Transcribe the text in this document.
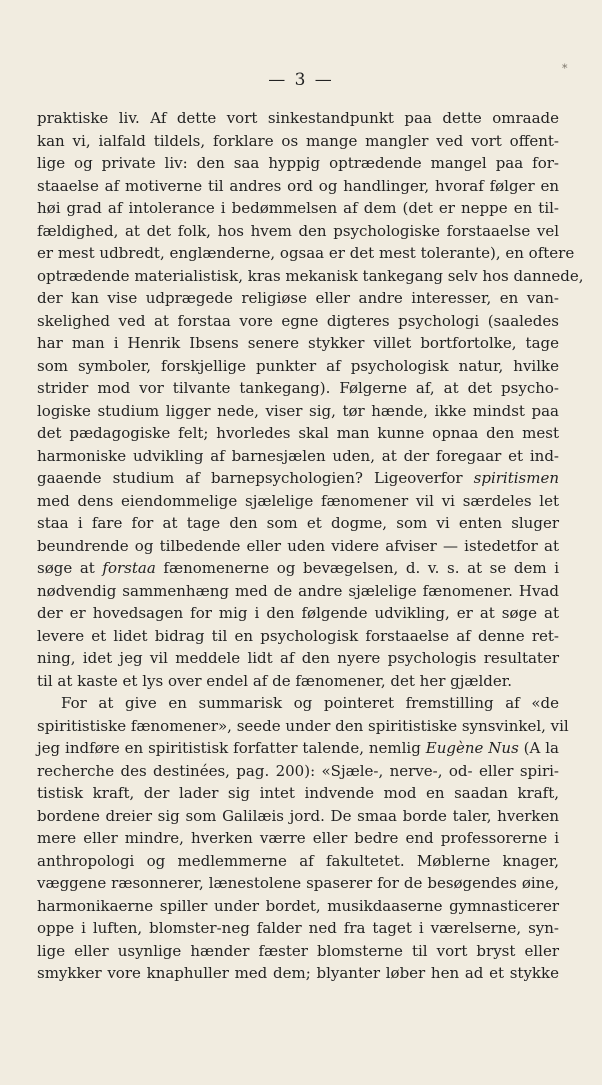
*
— 3 —
praktiske liv. Af dette vort sinkestandpunkt paa dette omraade
kan vi, ialfald tildels, forklare os mange mangler ved vort offent-
lige og private liv: den saa hyppig optrædende mangel paa for-
staaelse af motiverne til andres ord og handlinger, hvoraf følger en
høi grad af intolerance i bedømmelsen af dem (det er neppe en til-
fældighed, at det folk, hos hvem den psychologiske forstaaelse vel
er mest udbredt, englænderne, ogsaa er det mest tolerante), en oftere
optrædende materialistisk, kras mekanisk tankegang selv hos dannede,
der kan vise udprægede religiøse eller andre interesser, en van-
skelighed ved at forstaa vore egne digteres psychologi (saaledes
har man i Henrik Ibsens senere stykker villet bortfortolke, tage
som symboler, forskjellige punkter af psychologisk natur, hvilke
strider mod vor tilvante tankegang). Følgerne af, at det psycho-
logiske studium ligger nede, viser sig, tør hænde, ikke mindst paa
det pædagogiske felt; hvorledes skal man kunne opnaa den mest
harmoniske udvikling af barnesjælen uden, at der foregaar et ind-
gaaende studium af barnepsychologien? Ligeoverfor spiritismen
med dens eiendommelige sjælelige fænomener vil vi særdeles let
staa i fare for at tage den som et dogme, som vi enten sluger
beundrende og tilbedende eller uden videre afviser — istedetfor at
søge at forstaa fænomenerne og bevægelsen, d. v. s. at se dem i
nødvendig sammenhæng med de andre sjælelige fænomener. Hvad
der er hovedsagen for mig i den følgende udvikling, er at søge at
levere et lidet bidrag til en psychologisk forstaaelse af denne ret-
ning, idet jeg vil meddele lidt af den nyere psychologis resultater
til at kaste et lys over endel af de fænomener, det her gjælder.
For at give en summarisk og pointeret fremstilling af «de
spiritistiske fænomener», seede under den spiritistiske synsvinkel, vil
jeg indføre en spiritistisk forfatter talende, nemlig Eugène Nus (A la
recherche des destinées, pag. 200): «Sjæle-, nerve-, od- eller spiri-
tistisk kraft, der lader sig intet indvende mod en saadan kraft,
bordene dreier sig som Galilæis jord. De smaa borde taler, hverken
mere eller mindre, hverken værre eller bedre end professorerne i
anthropologi og medlemmerne af fakultetet. Møblerne knager,
væggene ræsonnerer, lænestolene spaserer for de besøgendes øine,
harmonikaerne spiller under bordet, musikdaaserne gymnasticerer
oppe i luften, blomster-neg falder ned fra taget i værelserne, syn-
lige eller usynlige hænder fæster blomsterne til vort bryst eller
smykker vore knaphuller med dem; blyanter løber hen ad et stykke
